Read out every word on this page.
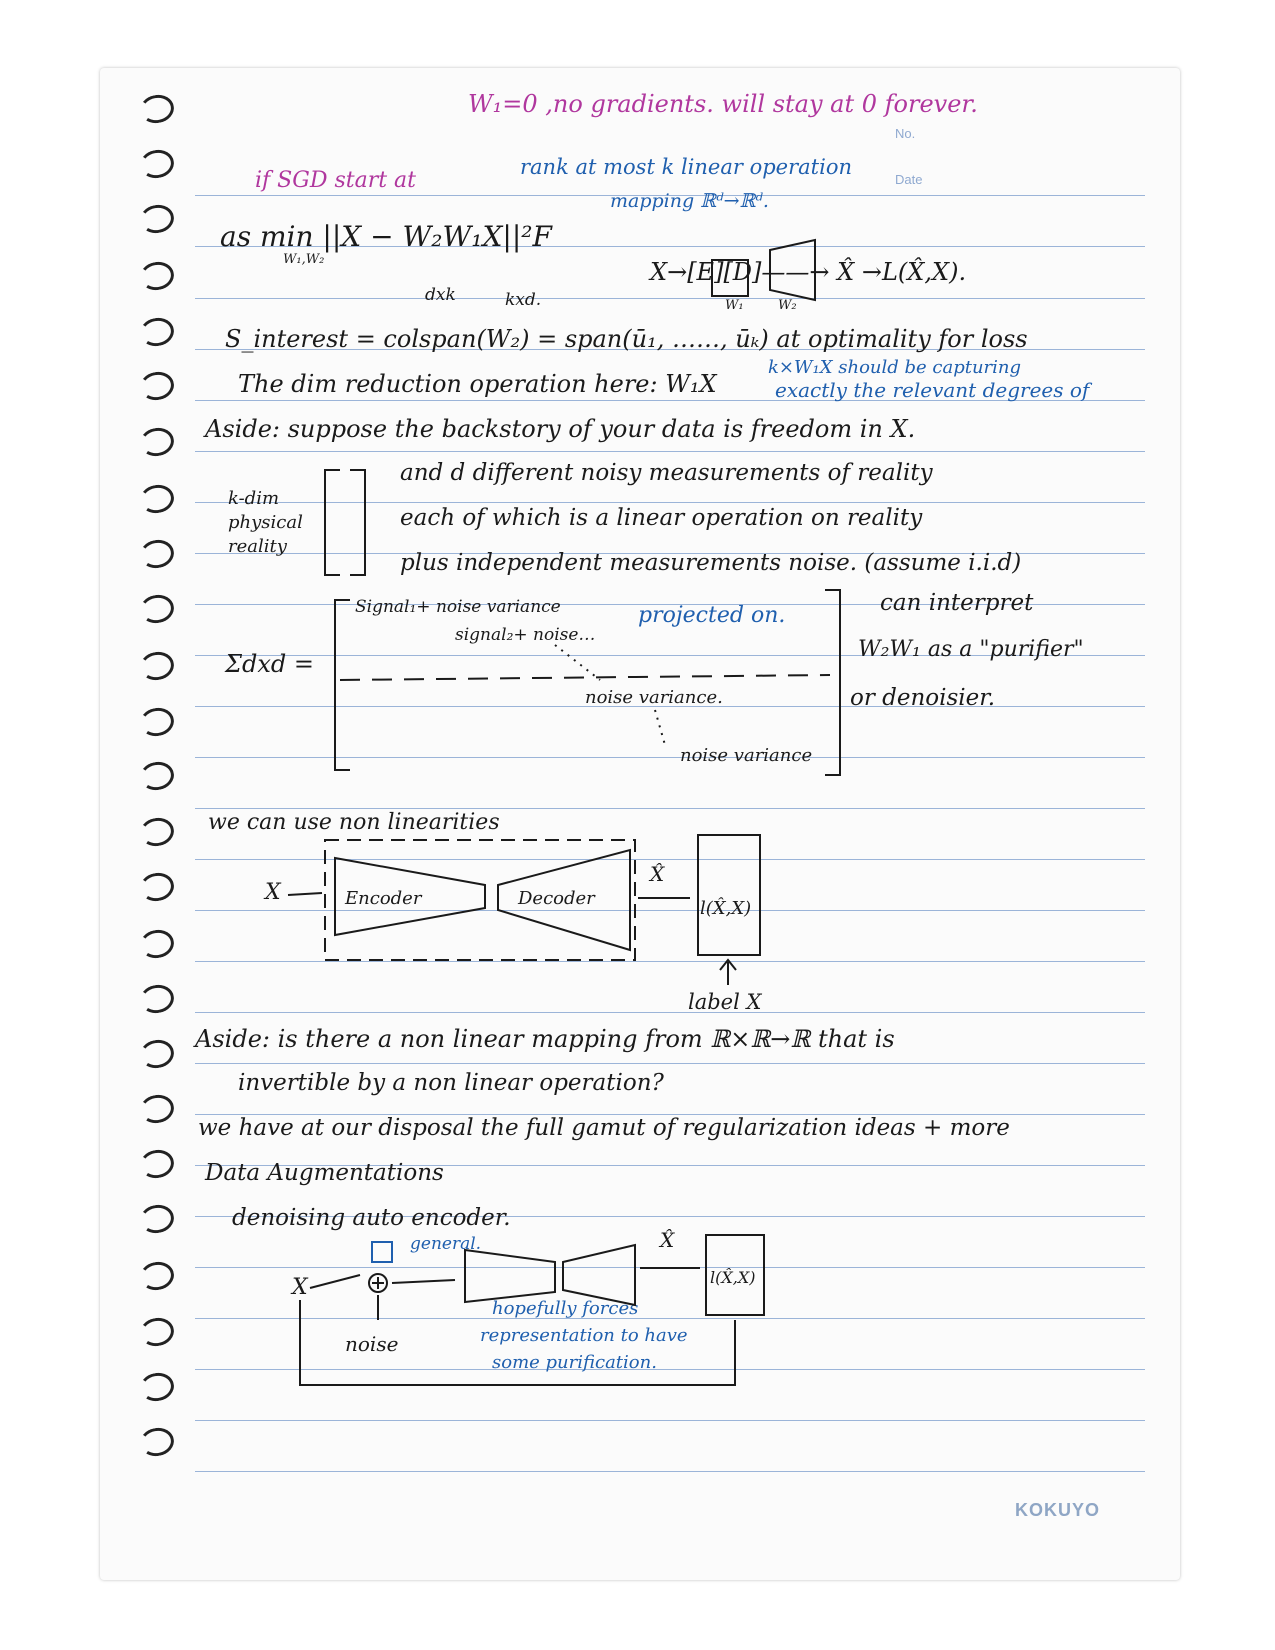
No.
Date
W₁=0 ,no gradients. will stay at 0 forever.
if SGD start at
rank at most k linear operation
mapping ℝᵈ→ℝᵈ.
as min ||X − W₂W₁X||²F
W₁,W₂
dxk	kxd.
X→[E][D]——→ X̂ →L(X̂,X).
W₁	W₂
S_interest = colspan(W₂) = span(ū₁, ……, ūₖ) at optimality for loss
The dim reduction operation here: W₁X
k×W₁X should be capturing
exactly the relevant degrees of
Aside: suppose the backstory of your data is freedom in X.
k-dim
physical
reality
and d different noisy measurements of reality
each of which is a linear operation on reality
plus independent measurements noise. (assume i.i.d)
Σdxd =
Signal₁+ noise variance
signal₂+ noise…
projected on.
noise variance.
noise variance
can interpret
W₂W₁ as a "purifier"
or denoisier.
we can use non linearities
X	Encoder	Decoder
X̂
l(X̂,X)
label X
Aside: is there a non linear mapping from ℝ×ℝ→ℝ that is
invertible by a non linear operation?
we have at our disposal the full gamut of regularization ideas + more
Data Augmentations
denoising auto encoder.
general.
X
noise
X̂
l(X̂,X)
hopefully forces
representation to have
some purification.
KOKUYO
